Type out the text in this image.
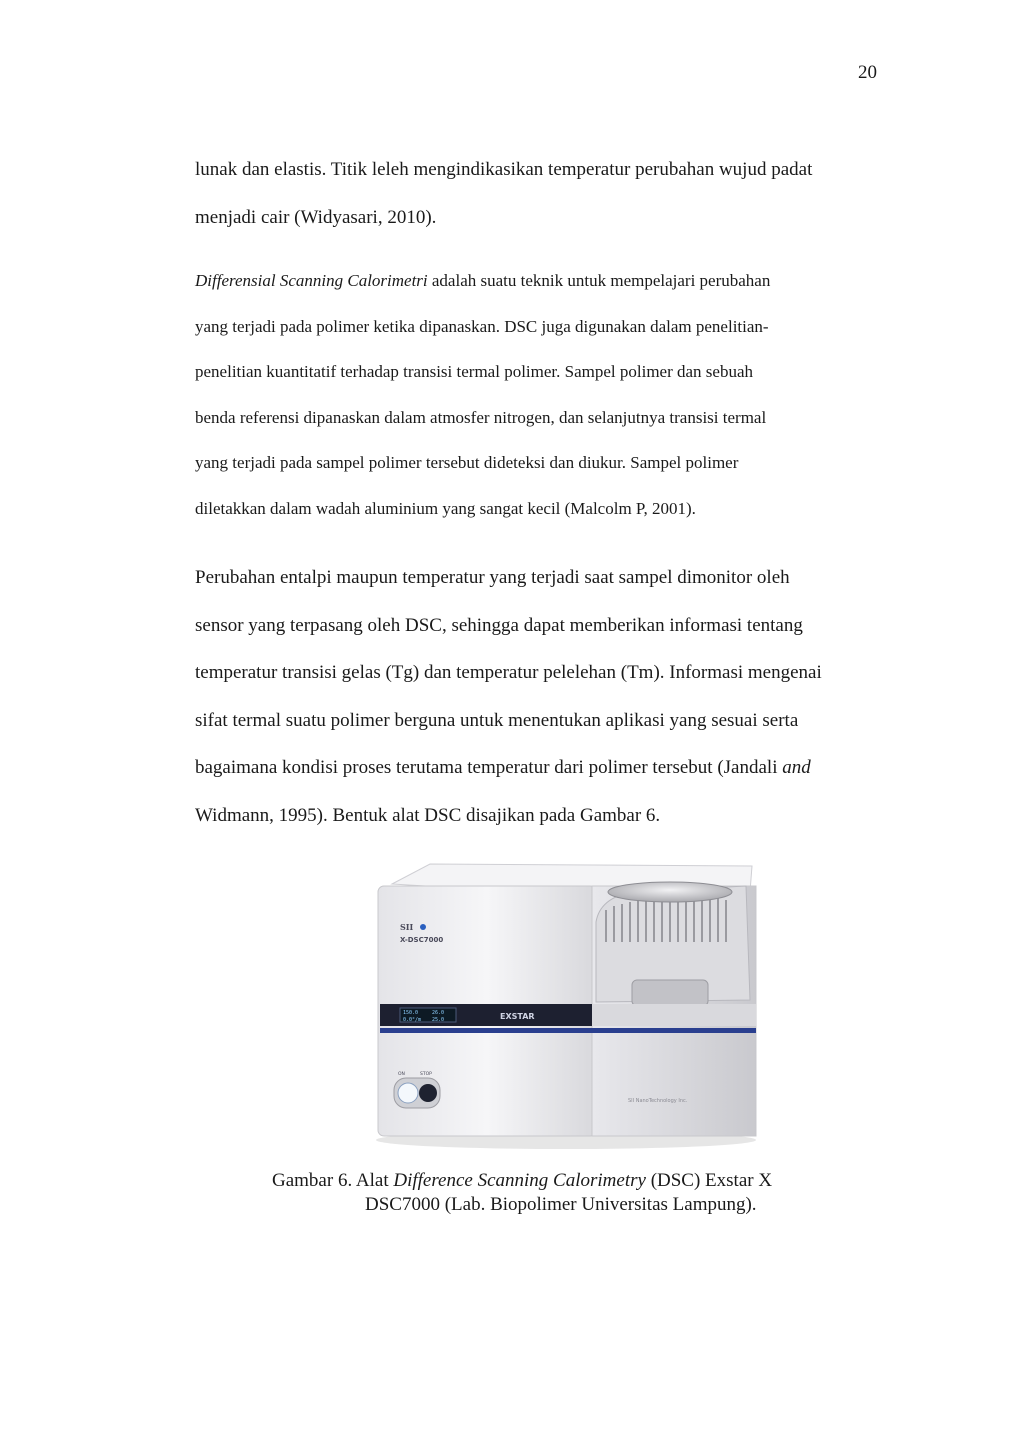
20

lunak dan elastis. Titik leleh mengindikasikan temperatur perubahan wujud padat
menjadi cair (Widyasari, 2010).

Differensial Scanning Calorimetri adalah suatu teknik untuk mempelajari perubahan
yang terjadi pada polimer ketika dipanaskan. DSC juga digunakan dalam penelitian-
penelitian kuantitatif terhadap transisi termal polimer. Sampel polimer dan sebuah
benda referensi dipanaskan dalam atmosfer nitrogen, dan selanjutnya transisi termal
yang terjadi pada sampel polimer tersebut dideteksi dan diukur. Sampel polimer
diletakkan dalam wadah aluminium yang sangat kecil (Malcolm P, 2001).

Perubahan entalpi maupun temperatur yang terjadi saat sampel dimonitor oleh
sensor yang terpasang oleh DSC, sehingga dapat memberikan informasi tentang
temperatur transisi gelas (Tg) dan temperatur pelelehan (Tm). Informasi mengenai
sifat termal suatu polimer berguna untuk menentukan aplikasi yang sesuai serta
bagaimana kondisi proses terutama temperatur dari polimer tersebut (Jandali and
Widmann, 1995). Bentuk alat DSC disajikan pada Gambar 6.

150.0
0.0°/m
26.0
25.0	EXSTAR
SII
X-DSC7000
ON	STOP
SII NanoTechnology Inc.
Gambar 6. Alat Difference Scanning Calorimetry (DSC) Exstar X
DSC7000 (Lab. Biopolimer Universitas Lampung).
